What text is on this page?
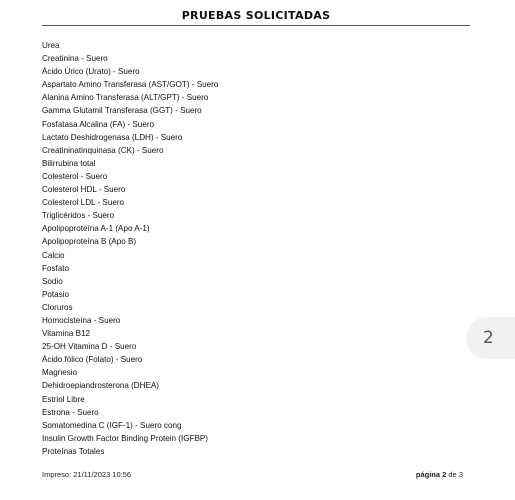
PRUEBAS SOLICITADAS
Urea
Creatinina - Suero
Ácido Úrico (Urato) - Suero
Aspartato Amino Transferasa (AST/GOT) - Suero
Alanina Amino Transferasa (ALT/GPT) - Suero
Gamma Glutamil Transferasa (GGT) - Suero
Fosfatasa Alcalina (FA) - Suero
Lactato Deshidrogenasa (LDH) - Suero
Creatininatinquinasa (CK) - Suero
Bilirrubina total
Colesterol - Suero
Colesterol HDL - Suero
Colesterol LDL - Suero
Triglicéridos - Suero
Apolipoproteína A-1 (Apo A-1)
Apolipoproteína B (Apo B)
Calcio
Fosfato
Sodio
Potasio
Cloruros
Homocisteína - Suero
Vitamina B12
25-OH Vitamina D - Suero
Ácido fólico (Folato) - Suero
Magnesio
Dehidroepiandrosterona (DHEA)
Estriol Libre
Estrona - Suero
Somatomedina C (IGF-1) - Suero cong
Insulin Growth Factor Binding Protein (IGFBP)
Proteínas Totales
Impreso: 21/11/2023 10:56	página 2 de 3
2
